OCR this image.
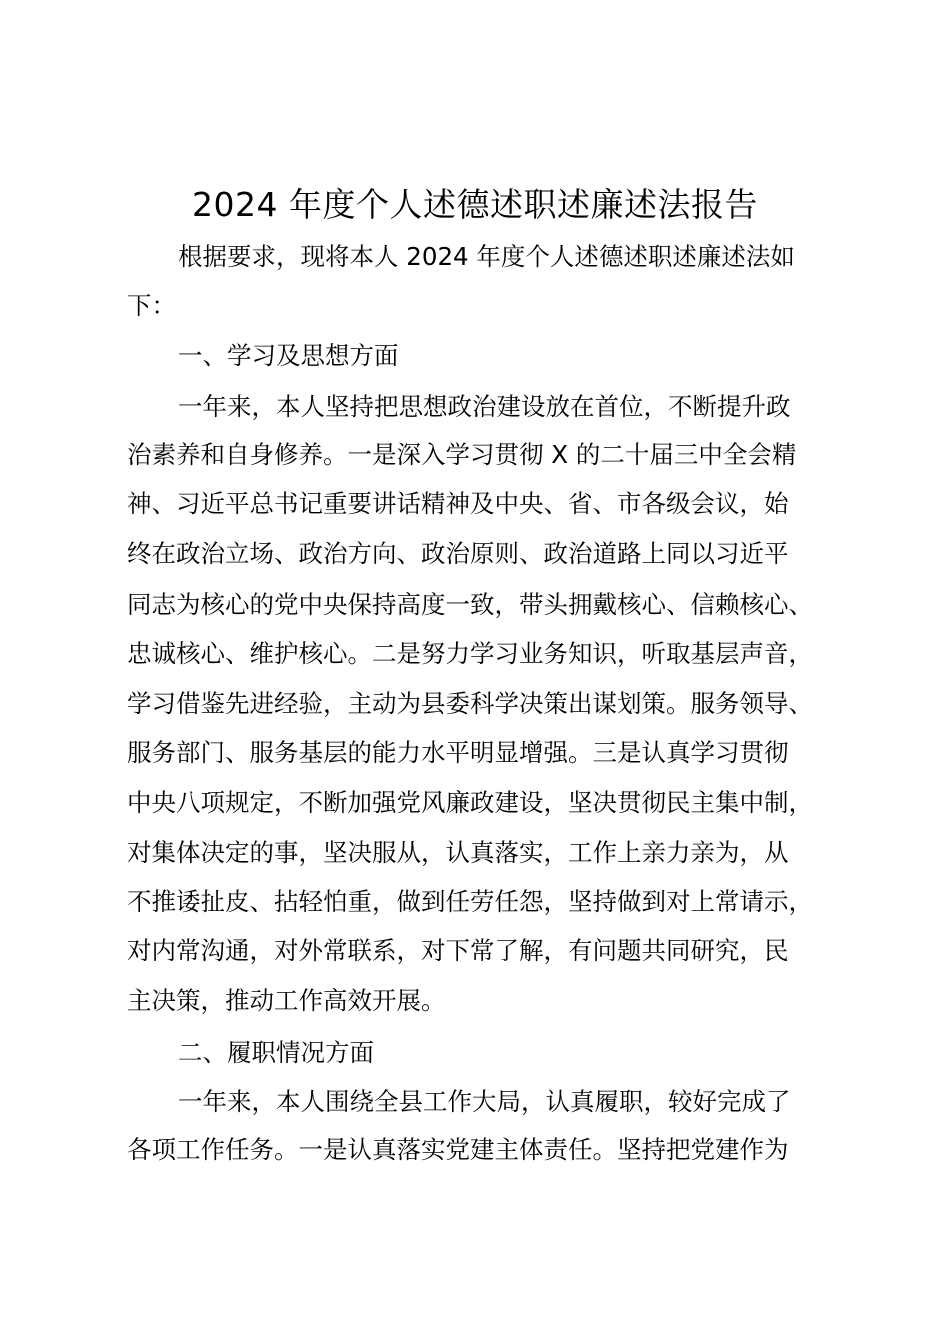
2024 年度个人述德述职述廉述法报告
根据要求，现将本人 2024 年度个人述德述职述廉述法如
下：
一、学习及思想方面
一年来，本人坚持把思想政治建设放在首位，不断提升政
治素养和自身修养。一是深入学习贯彻 X 的二十届三中全会精
神、习近平总书记重要讲话精神及中央、省、市各级会议，始
终在政治立场、政治方向、政治原则、政治道路上同以习近平
同志为核心的党中央保持高度一致，带头拥戴核心、信赖核心、
忠诚核心、维护核心。二是努力学习业务知识，听取基层声音，
学习借鉴先进经验，主动为县委科学决策出谋划策。服务领导、
服务部门、服务基层的能力水平明显增强。三是认真学习贯彻
中央八项规定，不断加强党风廉政建设，坚决贯彻民主集中制，
对集体决定的事，坚决服从，认真落实，工作上亲力亲为，从
不推诿扯皮、拈轻怕重，做到任劳任怨，坚持做到对上常请示，
对内常沟通，对外常联系，对下常了解，有问题共同研究，民
主决策，推动工作高效开展。
二、履职情况方面
一年来，本人围绕全县工作大局，认真履职，较好完成了
各项工作任务。一是认真落实党建主体责任。坚持把党建作为
